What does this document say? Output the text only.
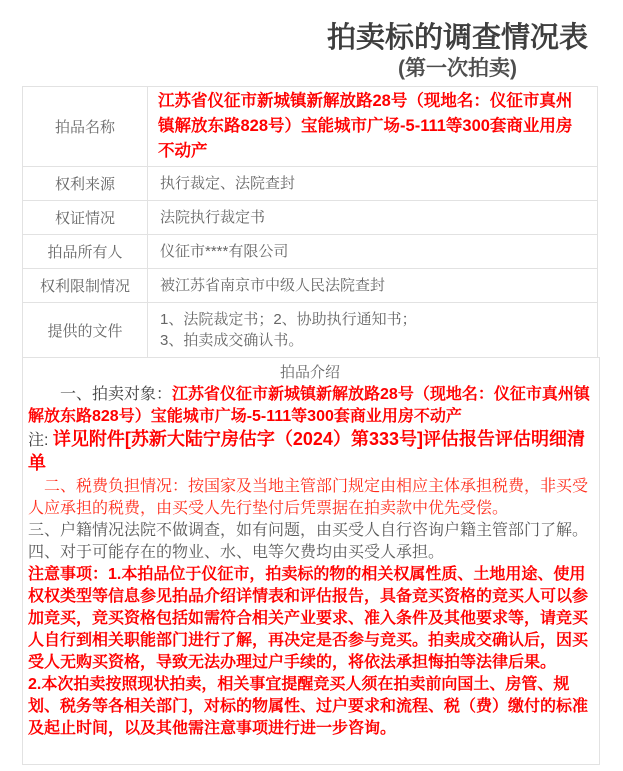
拍卖标的调查情况表
(第一次拍卖)
拍品名称	江苏省仪征市新城镇新解放路28号（现地名：仪征市真州镇解放东路828号）宝能城市广场-5-111等300套商业用房不动产
权利来源	执行裁定、法院查封
权证情况	法院执行裁定书
拍品所有人	仪征市****有限公司
权利限制情况	被江苏省南京市中级人民法院查封
提供的文件	1、法院裁定书；2、协助执行通知书；
3、拍卖成交确认书。
拍品介绍

一、拍卖对象：江苏省仪征市新城镇新解放路28号（现地名：仪征市真州镇解放东路828号）宝能城市广场-5-111等300套商业用房不动产

注: 详见附件[苏新大陆宁房估字（2024）第333号]评估报告评估明细清单

二、税费负担情况：按国家及当地主管部门规定由相应主体承担税费，非买受人应承担的税费，由买受人先行垫付后凭票据在拍卖款中优先受偿。

三、户籍情况法院不做调查，如有问题，由买受人自行咨询户籍主管部门了解。

四、对于可能存在的物业、水、电等欠费均由买受人承担。

注意事项：1.本拍品位于仪征市，拍卖标的物的相关权属性质、土地用途、使用权权类型等信息参见拍品介绍详情表和评估报告，具备竞买资格的竞买人可以参加竞买，竞买资格包括如需符合相关产业要求、准入条件及其他要求等，请竞买人自行到相关职能部门进行了解，再决定是否参与竞买。拍卖成交确认后，因买受人无购买资格，导致无法办理过户手续的，将依法承担悔拍等法律后果。

2.本次拍卖按照现状拍卖，相关事宜提醒竞买人须在拍卖前向国土、房管、规划、税务等各相关部门，对标的物属性、过户要求和流程、税（费）缴付的标准及起止时间，以及其他需注意事项进行进一步咨询。
